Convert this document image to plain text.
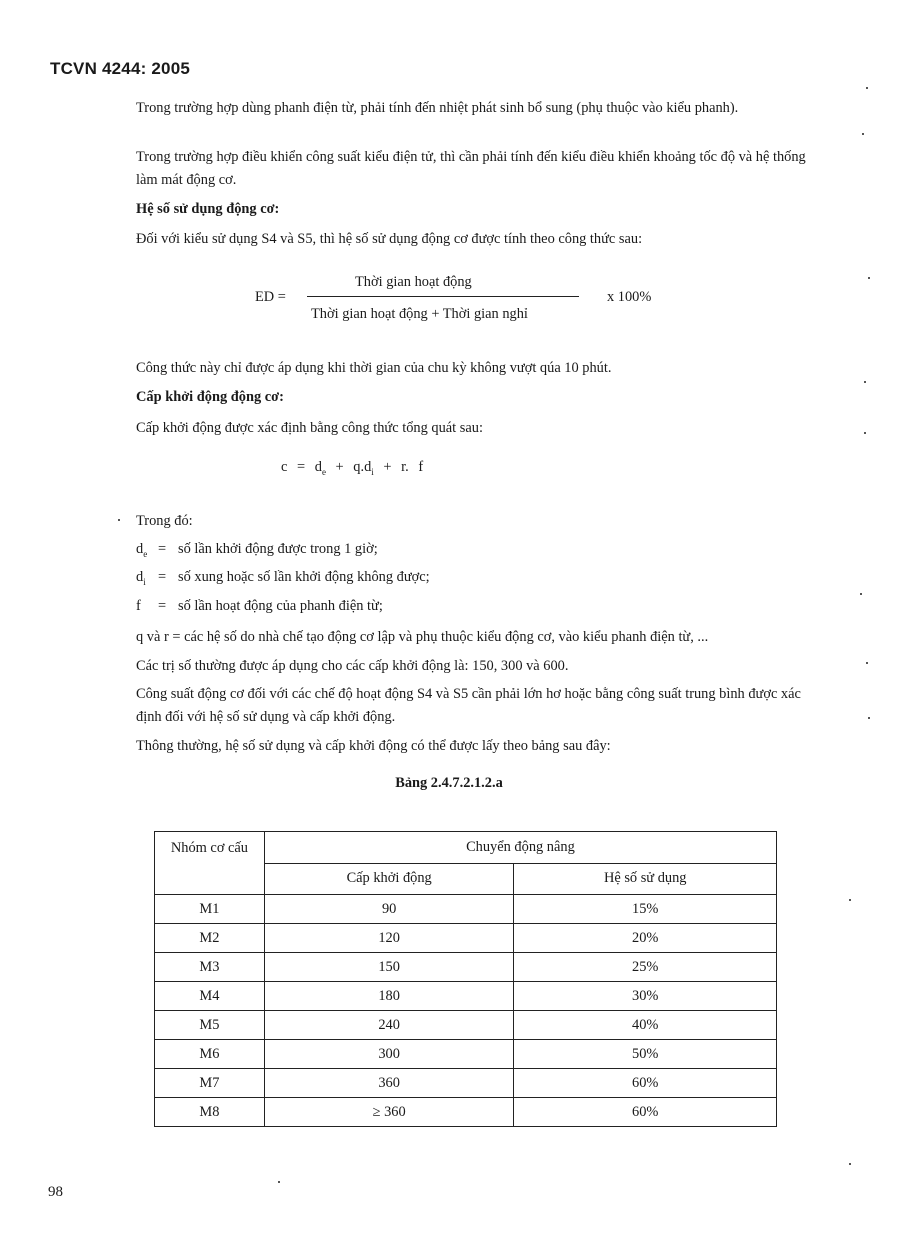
TCVN 4244: 2005
Trong trường hợp dùng phanh điện từ, phải tính đến nhiệt phát sinh bổ sung (phụ thuộc vào kiểu phanh).
Trong trường hợp điều khiển công suất kiểu điện tử, thì cần phải tính đến kiểu điều khiển khoảng tốc độ và hệ thống làm mát động cơ.
Hệ số sử dụng động cơ:
Đối với kiểu sử dụng S4 và S5, thì hệ số sử dụng động cơ được tính theo công thức sau:
ED =
Thời gian hoạt động
Thời gian hoạt động + Thời gian nghỉ
x 100%
Công thức này chỉ được áp dụng khi thời gian của chu kỳ không vượt qúa 10 phút.
Cấp khởi động động cơ:
Cấp khởi động được xác định bằng công thức tổng quát sau:
$c = d_e + q.d_i + r$. f
Trong đó:
$d_e$ = số lần khởi động được trong 1 giờ;
$d_i$ = số xung hoặc số lần khởi động không được;
f = số lần hoạt động của phanh điện từ;
q và r = các hệ số do nhà chế tạo động cơ lập và phụ thuộc kiểu động cơ, vào kiểu phanh điện từ, ...
Các trị số thường được áp dụng cho các cấp khởi động là: 150, 300 và 600.
Công suất động cơ đối với các chế độ hoạt động S4 và S5 cần phải lớn hơ hoặc bằng công suất trung bình được xác định đối với hệ số sử dụng và cấp khởi động.
Thông thường, hệ số sử dụng và cấp khởi động có thể được lấy theo bảng sau đây:
Bảng 2.4.7.2.1.2.a
Nhóm cơ cấu	Chuyển động nâng	
	Cấp khởi động	Hệ số sử dụng
M1	90	15%
M2	120	20%
M3	150	25%
M4	180	30%
M5	240	40%
M6	300	50%
M7	360	60%
M8	≥ 360	60%
98
